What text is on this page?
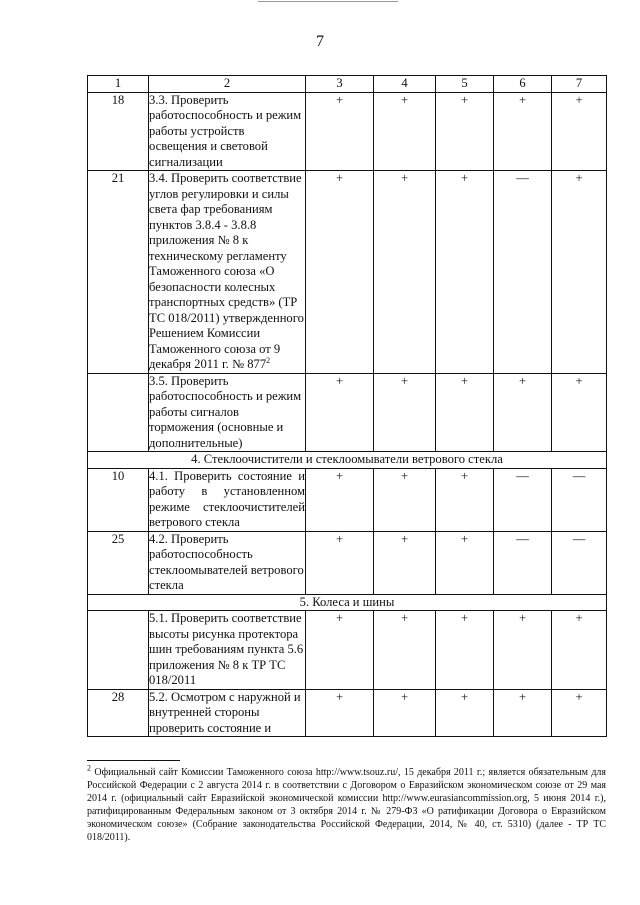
7
1	2	3	4	5	6	7
18	3.3. Проверить работоспособность и режим работы устройств освещения и световой сигнализации	+	+	+	+	+
21	3.4. Проверить соответствие углов регулировки и силы света фар требованиям пунктов 3.8.4 - 3.8.8 приложения № 8 к техническому регламенту Таможенного союза «О безопасности колесных транспортных средств» (ТР ТС 018/2011) утвержденного Решением Комиссии Таможенного союза от 9 декабря 2011 г. № $877^2$	+	+	+	—	+
	3.5. Проверить работоспособность и режим работы сигналов торможения (основные и дополнительные)	+	+	+	+	+
4. Стеклоочистители и стеклоомыватели ветрового стекла						
10	4.1. Проверить состояние и работу в установленном режиме стеклоочистителей ветрового стекла	+	+	+	—	—
25	4.2. Проверить работоспособность стеклоомывателей ветрового стекла	+	+	+	—	—
5. Колеса и шины						
	5.1. Проверить соответствие высоты рисунка протектора шин требованиям пункта 5.6 приложения № 8 к ТР ТС 018/2011	+	+	+	+	+
28	5.2. Осмотром с наружной и внутренней стороны проверить состояние и	+	+	+	+	+
$^2$ Официальный сайт Комиссии Таможенного союза http://www.tsouz.ru/, 15 декабря 2011 г.; является обязательным для Российской Федерации с 2 августа 2014 г. в соответствии с Договором о Евразийском экономическом союзе от 29 мая 2014 г. (официальный сайт Евразийской экономической комиссии http://www.eurasiancommission.org, 5 июня 2014 г.), ратифицированным Федеральным законом от 3 октября 2014 г. № 279-ФЗ «О ратификации Договора о Евразийском экономическом союзе» (Собрание законодательства Российской Федерации, 2014, № 40, ст. 5310) (далее - ТР ТС 018/2011).
